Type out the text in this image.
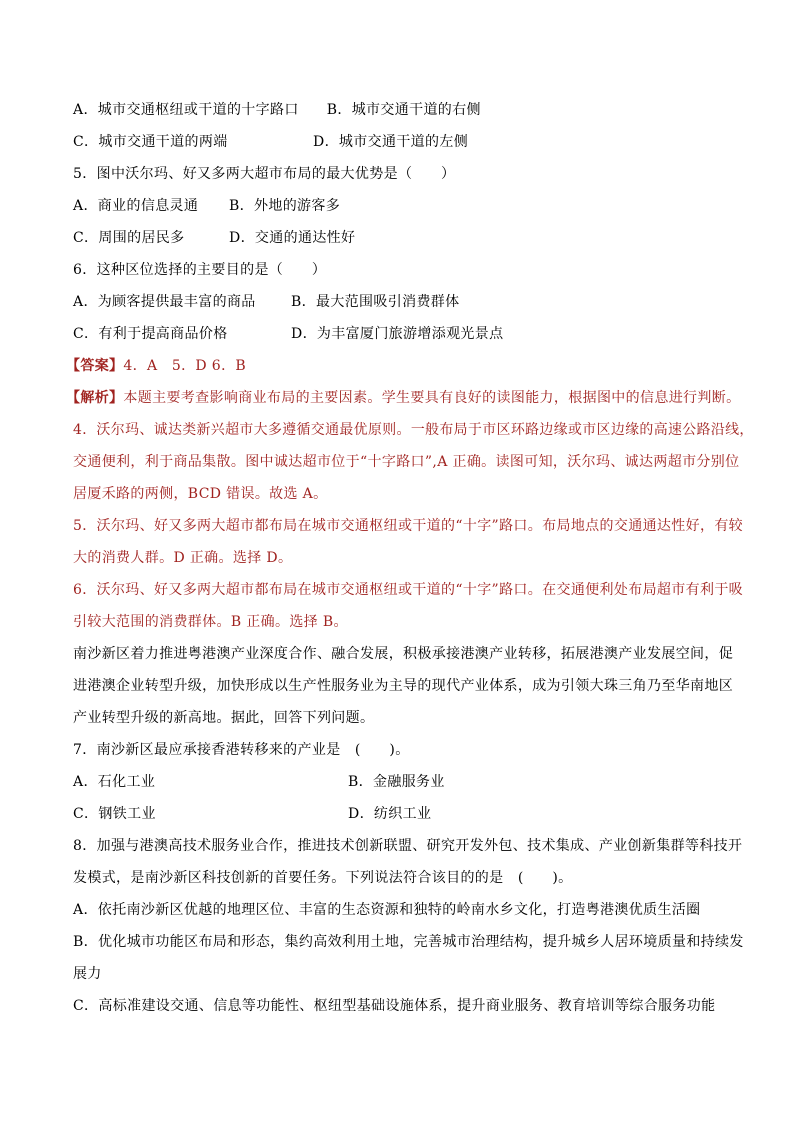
A．城市交通枢纽或干道的十字路口 B．城市交通干道的右侧
C．城市交通干道的两端	D．城市交通干道的左侧
5．图中沃尔玛、好又多两大超市布局的最大优势是（　　）
A．商业的信息灵通 B．外地的游客多
C．周围的居民多	D．交通的通达性好
6．这种区位选择的主要目的是（　　）
A．为顾客提供最丰富的商品	B．最大范围吸引消费群体
C．有利于提高商品价格	D．为丰富厦门旅游增添观光景点
【答案】4．A　5．D 6．B
【解析】本题主要考查影响商业布局的主要因素。学生要具有良好的读图能力，根据图中的信息进行判断。
4．沃尔玛、诚达类新兴超市大多遵循交通最优原则。一般布局于市区环路边缘或市区边缘的高速公路沿线，
交通便利，利于商品集散。图中诚达超市位于“十字路口”,A 正确。读图可知，沃尔玛、诚达两超市分别位
居厦禾路的两侧，BCD 错误。故选 A。
5．沃尔玛、好又多两大超市都布局在城市交通枢纽或干道的“十字”路口。布局地点的交通通达性好，有较
大的消费人群。D 正确。选择 D。
6．沃尔玛、好又多两大超市都布局在城市交通枢纽或干道的“十字”路口。在交通便利处布局超市有利于吸
引较大范围的消费群体。B 正确。选择 B。
南沙新区着力推进粤港澳产业深度合作、融合发展，积极承接港澳产业转移，拓展港澳产业发展空间，促
进港澳企业转型升级，加快形成以生产性服务业为主导的现代产业体系，成为引领大珠三角乃至华南地区
产业转型升级的新高地。据此，回答下列问题。
7．南沙新区最应承接香港转移来的产业是　(　　)。
A．石化工业	B．金融服务业
C．钢铁工业	D．纺织工业
8．加强与港澳高技术服务业合作，推进技术创新联盟、研究开发外包、技术集成、产业创新集群等科技开
发模式，是南沙新区科技创新的首要任务。下列说法符合该目的的是　(　　)。
A．依托南沙新区优越的地理区位、丰富的生态资源和独特的岭南水乡文化，打造粤港澳优质生活圈
B．优化城市功能区布局和形态，集约高效利用土地，完善城市治理结构，提升城乡人居环境质量和持续发
展力
C．高标准建设交通、信息等功能性、枢纽型基础设施体系，提升商业服务、教育培训等综合服务功能
